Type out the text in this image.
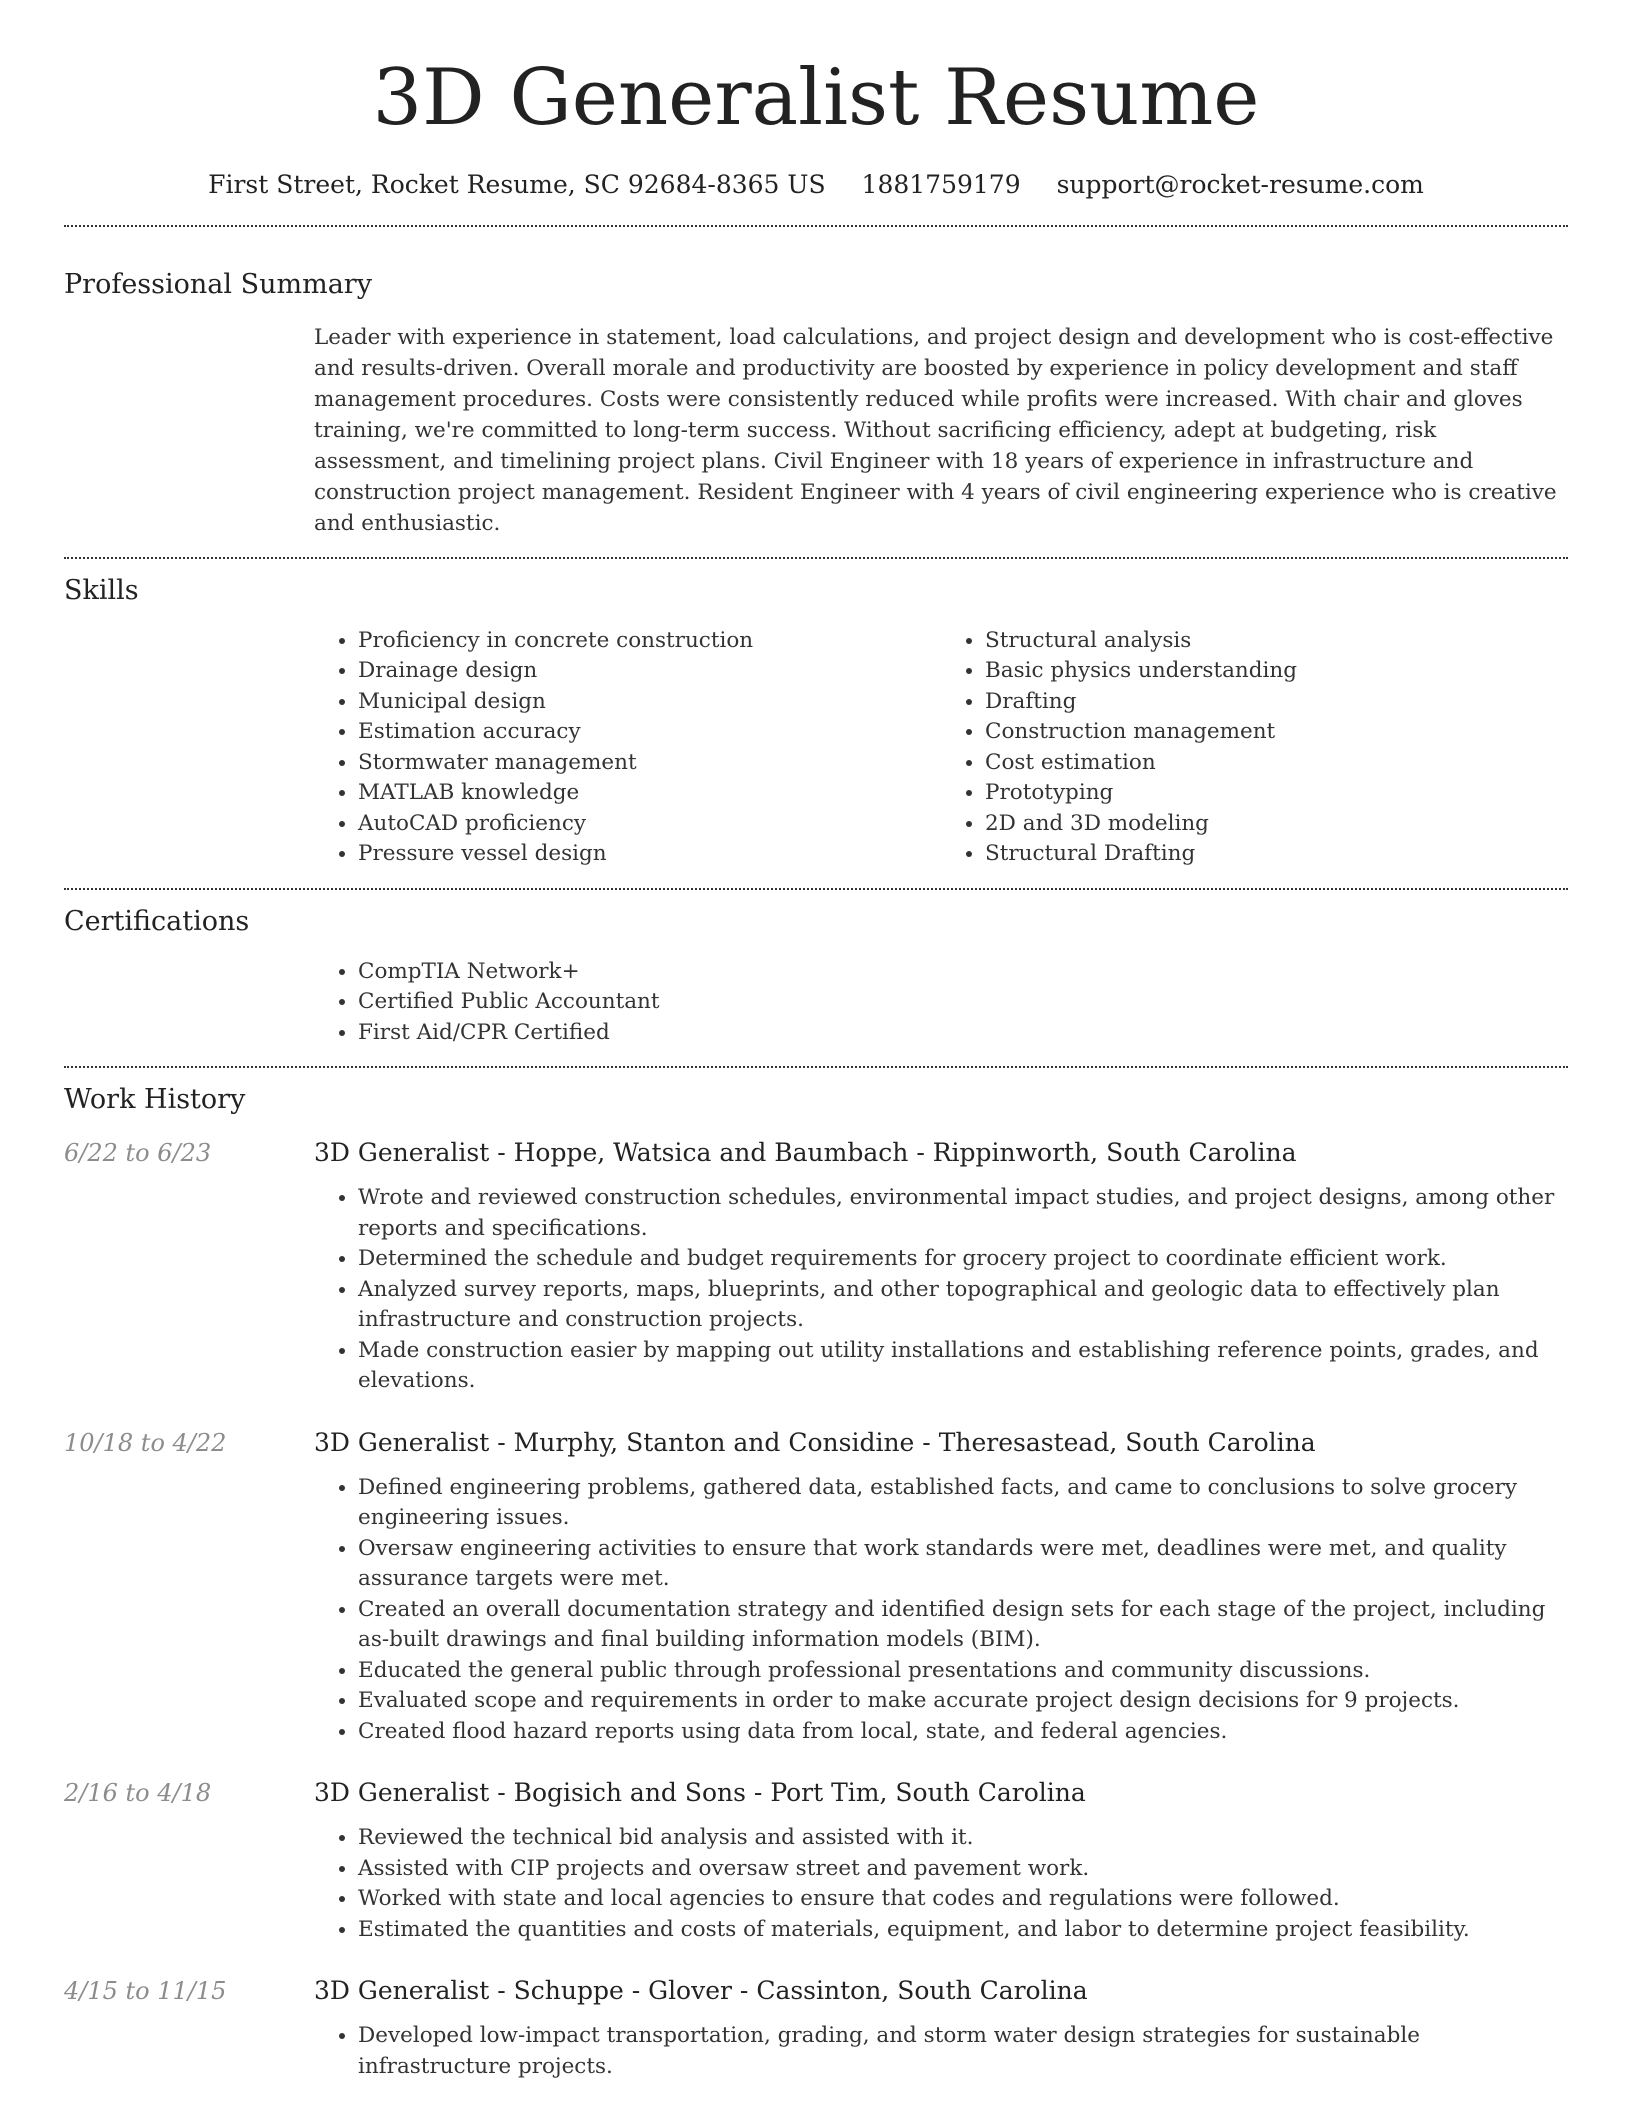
3D Generalist Resume
First Street, Rocket Resume, SC 92684-8365 US 1881759179 support@rocket-resume.com
Professional Summary

Leader with experience in statement, load calculations, and project design and development who is cost-effective and results-driven. Overall morale and productivity are boosted by experience in policy development and staff management procedures. Costs were consistently reduced while profits were increased. With chair and gloves training, we're committed to long-term success. Without sacrificing efficiency, adept at budgeting, risk assessment, and timelining project plans. Civil Engineer with 18 years of experience in infrastructure and construction project management. Resident Engineer with 4 years of civil engineering experience who is creative and enthusiastic.

Skills
• Proficiency in concrete construction
• Drainage design
• Municipal design
• Estimation accuracy
• Stormwater management
• MATLAB knowledge
• AutoCAD proficiency
• Pressure vessel design
• Structural analysis
• Basic physics understanding
• Drafting
• Construction management
• Cost estimation
• Prototyping
• 2D and 3D modeling
• Structural Drafting
Certifications
• CompTIA Network+
• Certified Public Accountant
• First Aid/CPR Certified
Work History
6/22 to 6/23	3D Generalist - Hoppe, Watsica and Baumbach - Rippinworth, South Carolina
• Wrote and reviewed construction schedules, environmental impact studies, and project designs, among other reports and specifications.
• Determined the schedule and budget requirements for grocery project to coordinate efficient work.
• Analyzed survey reports, maps, blueprints, and other topographical and geologic data to effectively plan infrastructure and construction projects.
• Made construction easier by mapping out utility installations and establishing reference points, grades, and elevations.
10/18 to 4/22	3D Generalist - Murphy, Stanton and Considine - Theresastead, South Carolina
• Defined engineering problems, gathered data, established facts, and came to conclusions to solve grocery engineering issues.
• Oversaw engineering activities to ensure that work standards were met, deadlines were met, and quality assurance targets were met.
• Created an overall documentation strategy and identified design sets for each stage of the project, including as-built drawings and final building information models (BIM).
• Educated the general public through professional presentations and community discussions.
• Evaluated scope and requirements in order to make accurate project design decisions for 9 projects.
• Created flood hazard reports using data from local, state, and federal agencies.
2/16 to 4/18	3D Generalist - Bogisich and Sons - Port Tim, South Carolina
• Reviewed the technical bid analysis and assisted with it.
• Assisted with CIP projects and oversaw street and pavement work.
• Worked with state and local agencies to ensure that codes and regulations were followed.
• Estimated the quantities and costs of materials, equipment, and labor to determine project feasibility.
4/15 to 11/15	3D Generalist - Schuppe - Glover - Cassinton, South Carolina
• Developed low-impact transportation, grading, and storm water design strategies for sustainable infrastructure projects.
